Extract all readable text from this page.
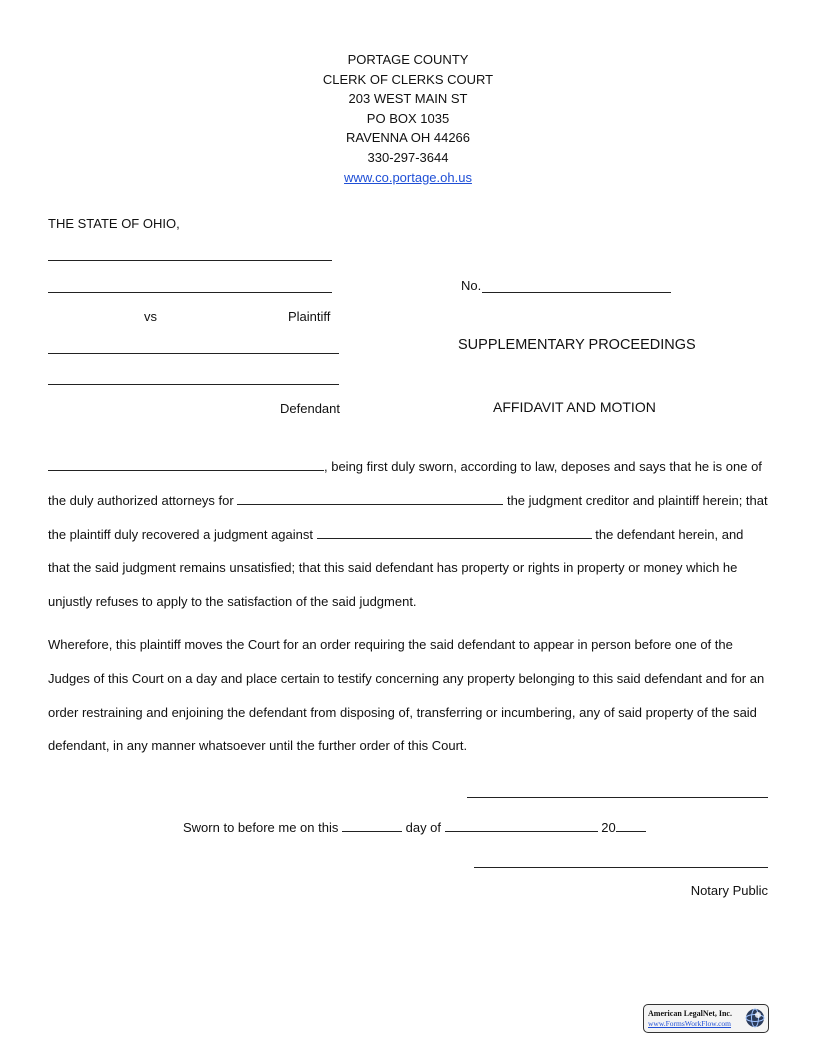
PORTAGE COUNTY
CLERK OF CLERKS COURT
203 WEST MAIN ST
PO BOX 1035
RAVENNA OH 44266
330-297-3644
www.co.portage.oh.us
THE STATE OF OHIO,
No.
vs	Plaintiff
SUPPLEMENTARY PROCEEDINGS
Defendant	AFFIDAVIT AND MOTION

, being first duly sworn, according to law, deposes and says that he is one of the duly authorized attorneys for	the judgment creditor and plaintiff herein; that the plaintiff duly recovered a judgment against	the defendant herein, and that the said judgment remains unsatisfied; that this said defendant has property or rights in property or money which he unjustly refuses to apply to the satisfaction of the said judgment.

Wherefore, this plaintiff moves the Court for an order requiring the said defendant to appear in person before one of the Judges of this Court on a day and place certain to testify concerning any property belonging to this said defendant and for an order restraining and enjoining the defendant from disposing of, transferring or incumbering, any of said property of the said defendant, in any manner whatsoever until the further order of this Court.

Sworn to before me on this	day of	20
Notary Public
American LegalNet, Inc.
www.FormsWorkFlow.com
